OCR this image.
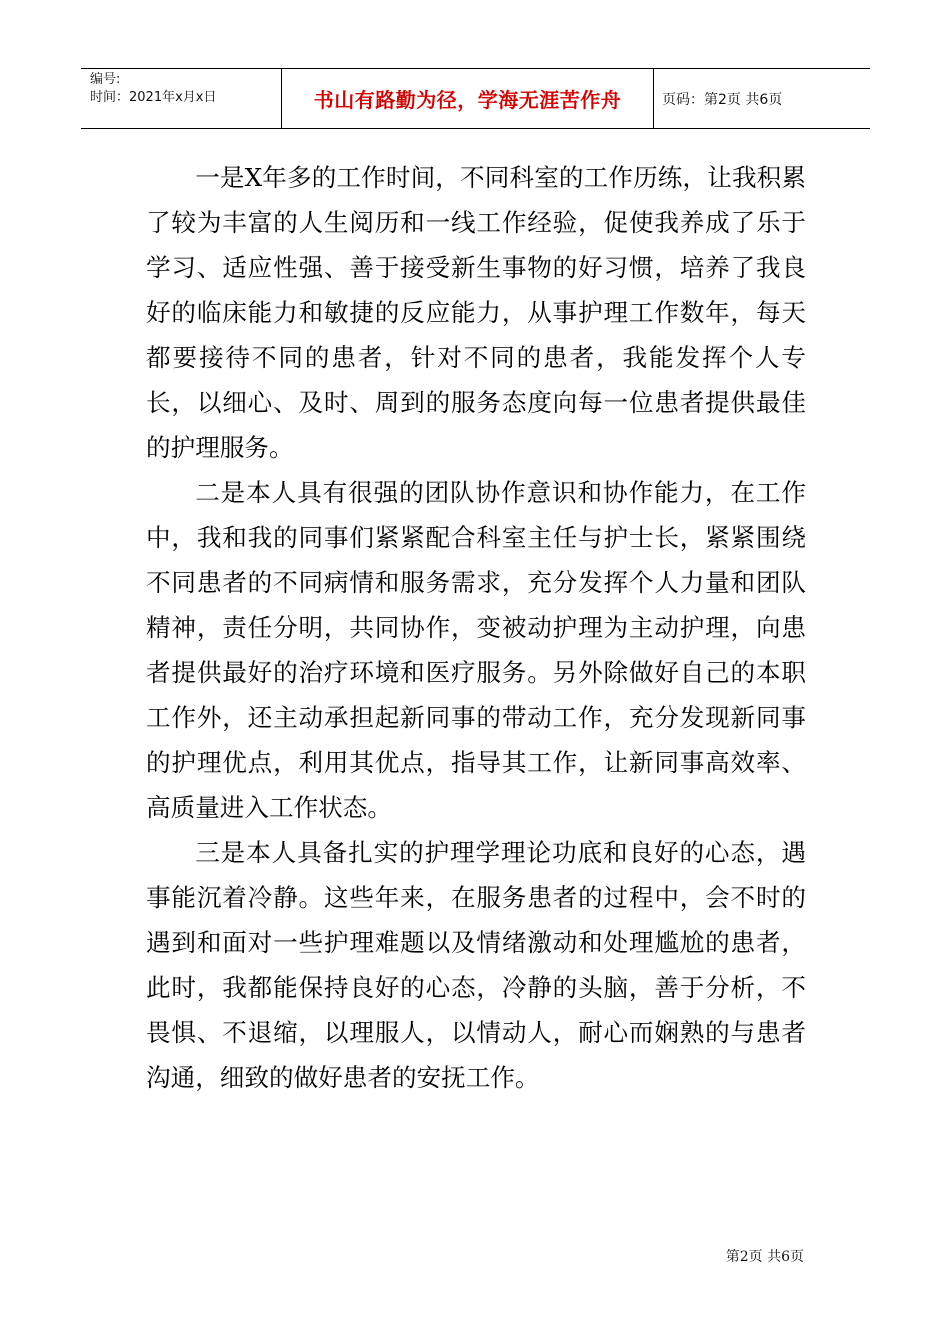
编号:
时间：2021年x月x日	书山有路勤为径，学海无涯苦作舟	页码：第2页 共6页

一是X年多的工作时间，不同科室的工作历练，让我积累了较为丰富的人生阅历和一线工作经验，促使我养成了乐于学习、适应性强、善于接受新生事物的好习惯，培养了我良好的临床能力和敏捷的反应能力，从事护理工作数年，每天都要接待不同的患者，针对不同的患者，我能发挥个人专长，以细心、及时、周到的服务态度向每一位患者提供最佳的护理服务。

二是本人具有很强的团队协作意识和协作能力，在工作中，我和我的同事们紧紧配合科室主任与护士长，紧紧围绕不同患者的不同病情和服务需求，充分发挥个人力量和团队精神，责任分明，共同协作，变被动护理为主动护理，向患者提供最好的治疗环境和医疗服务。另外除做好自己的本职工作外，还主动承担起新同事的带动工作，充分发现新同事的护理优点，利用其优点，指导其工作，让新同事高效率、高质量进入工作状态。

三是本人具备扎实的护理学理论功底和良好的心态，遇事能沉着冷静。这些年来，在服务患者的过程中，会不时的遇到和面对一些护理难题以及情绪激动和处理尴尬的患者，此时，我都能保持良好的心态，冷静的头脑，善于分析，不畏惧、不退缩，以理服人，以情动人，耐心而娴熟的与患者沟通，细致的做好患者的安抚工作。

第2页 共6页
